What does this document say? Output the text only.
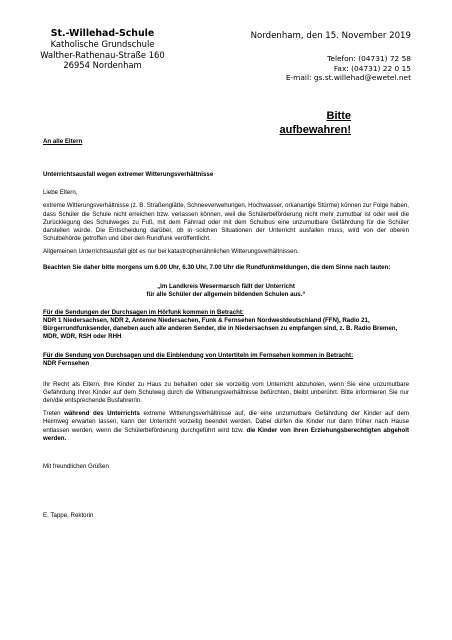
St.-Willehad-Schule
Katholische Grundschule
Walther-Rathenau-Straße 160
26954 Nordenham
Nordenham, den 15. November 2019
Telefon: (04731) 72 58
Fax: (04731) 22 0 15
E-mail: gs.st.willehad@ewetel.net
Bitte
aufbewahren!

An alle Eltern

Unterrichtsausfall wegen extremer Witterungsverhältnisse

Liebe Eltern,

extreme Witterungsverhältnisse (z. B. Straßenglätte, Schneeverwehungen, Hochwasser, orkanartige Stürme) können zur Folge haben, dass Schüler die Schule nicht erreichen bzw. verlassen können, weil die Schülerbeförderung nicht mehr zumutbar ist oder weil die Zurücklegung des Schulweges zu Fuß, mit dem Fahrrad oder mit dem Schulbus eine unzumutbare Gefährdung für die Schüler darstellen würde. Die Entscheidung darüber, ob in solchen Situationen der Unterricht ausfallen muss, wird von der oberen Schulbehörde getroffen und über den Rundfunk veröffentlicht.

Allgemeinen Unterrichtsausfall gibt es nur bei katastrophenähnlichen Witterungsverhältnissen.

Beachten Sie daher bitte morgens um 6.00 Uhr, 6.30 Uhr, 7.00 Uhr die Rundfunkmeldungen, die dem Sinne nach lauten:

„Im Landkreis Wesermarsch fällt der Unterricht
für alle Schüler der allgemein bildenden Schulen aus.“

Für die Sendungen der Durchsagen im Hörfunk kommen in Betracht:

NDR 1 Niedersachsen, NDR 2, Antenne Niedersachen, Funk & Fernsehen Nordwestdeutschland (FFN), Radio 21, Bürgerrundfunksender, daneben auch alle anderen Sender, die in Niedersachsen zu empfangen sind, z. B. Radio Bremen, MDR, WDR, RSH oder RHH

Für die Sendung von Durchsagen und die Einblendung von Untertiteln im Fernsehen kommen in Betracht:

NDR Fernsehen

Ihr Recht als Eltern, Ihre Kinder zu Haus zu behalten oder sie vorzeitig vom Unterricht abzuholen, wenn Sie eine unzumutbare Gefährdung Ihrer Kinder auf dem Schulweg durch die Witterungsverhältnisse befürchten, bleibt unberührt. Bitte informieren Sie nur den/die entsprechende Busfahrer/in.

Treten während des Unterrichts extreme Witterungsverhältnisse auf, die eine unzumutbare Gefährdung der Kinder auf dem Heimweg erwarten lassen, kann der Unterricht vorzeitig beendet werden. Dabei dürfen die Kinder nur dann früher nach Hause entlassen werden, wenn die Schülerbeförderung durchgeführt wird bzw. die Kinder von ihren Erziehungsberechtigten abgeholt werden.

Mit freundlichen Grüßen

E. Tappe, Rektorin
